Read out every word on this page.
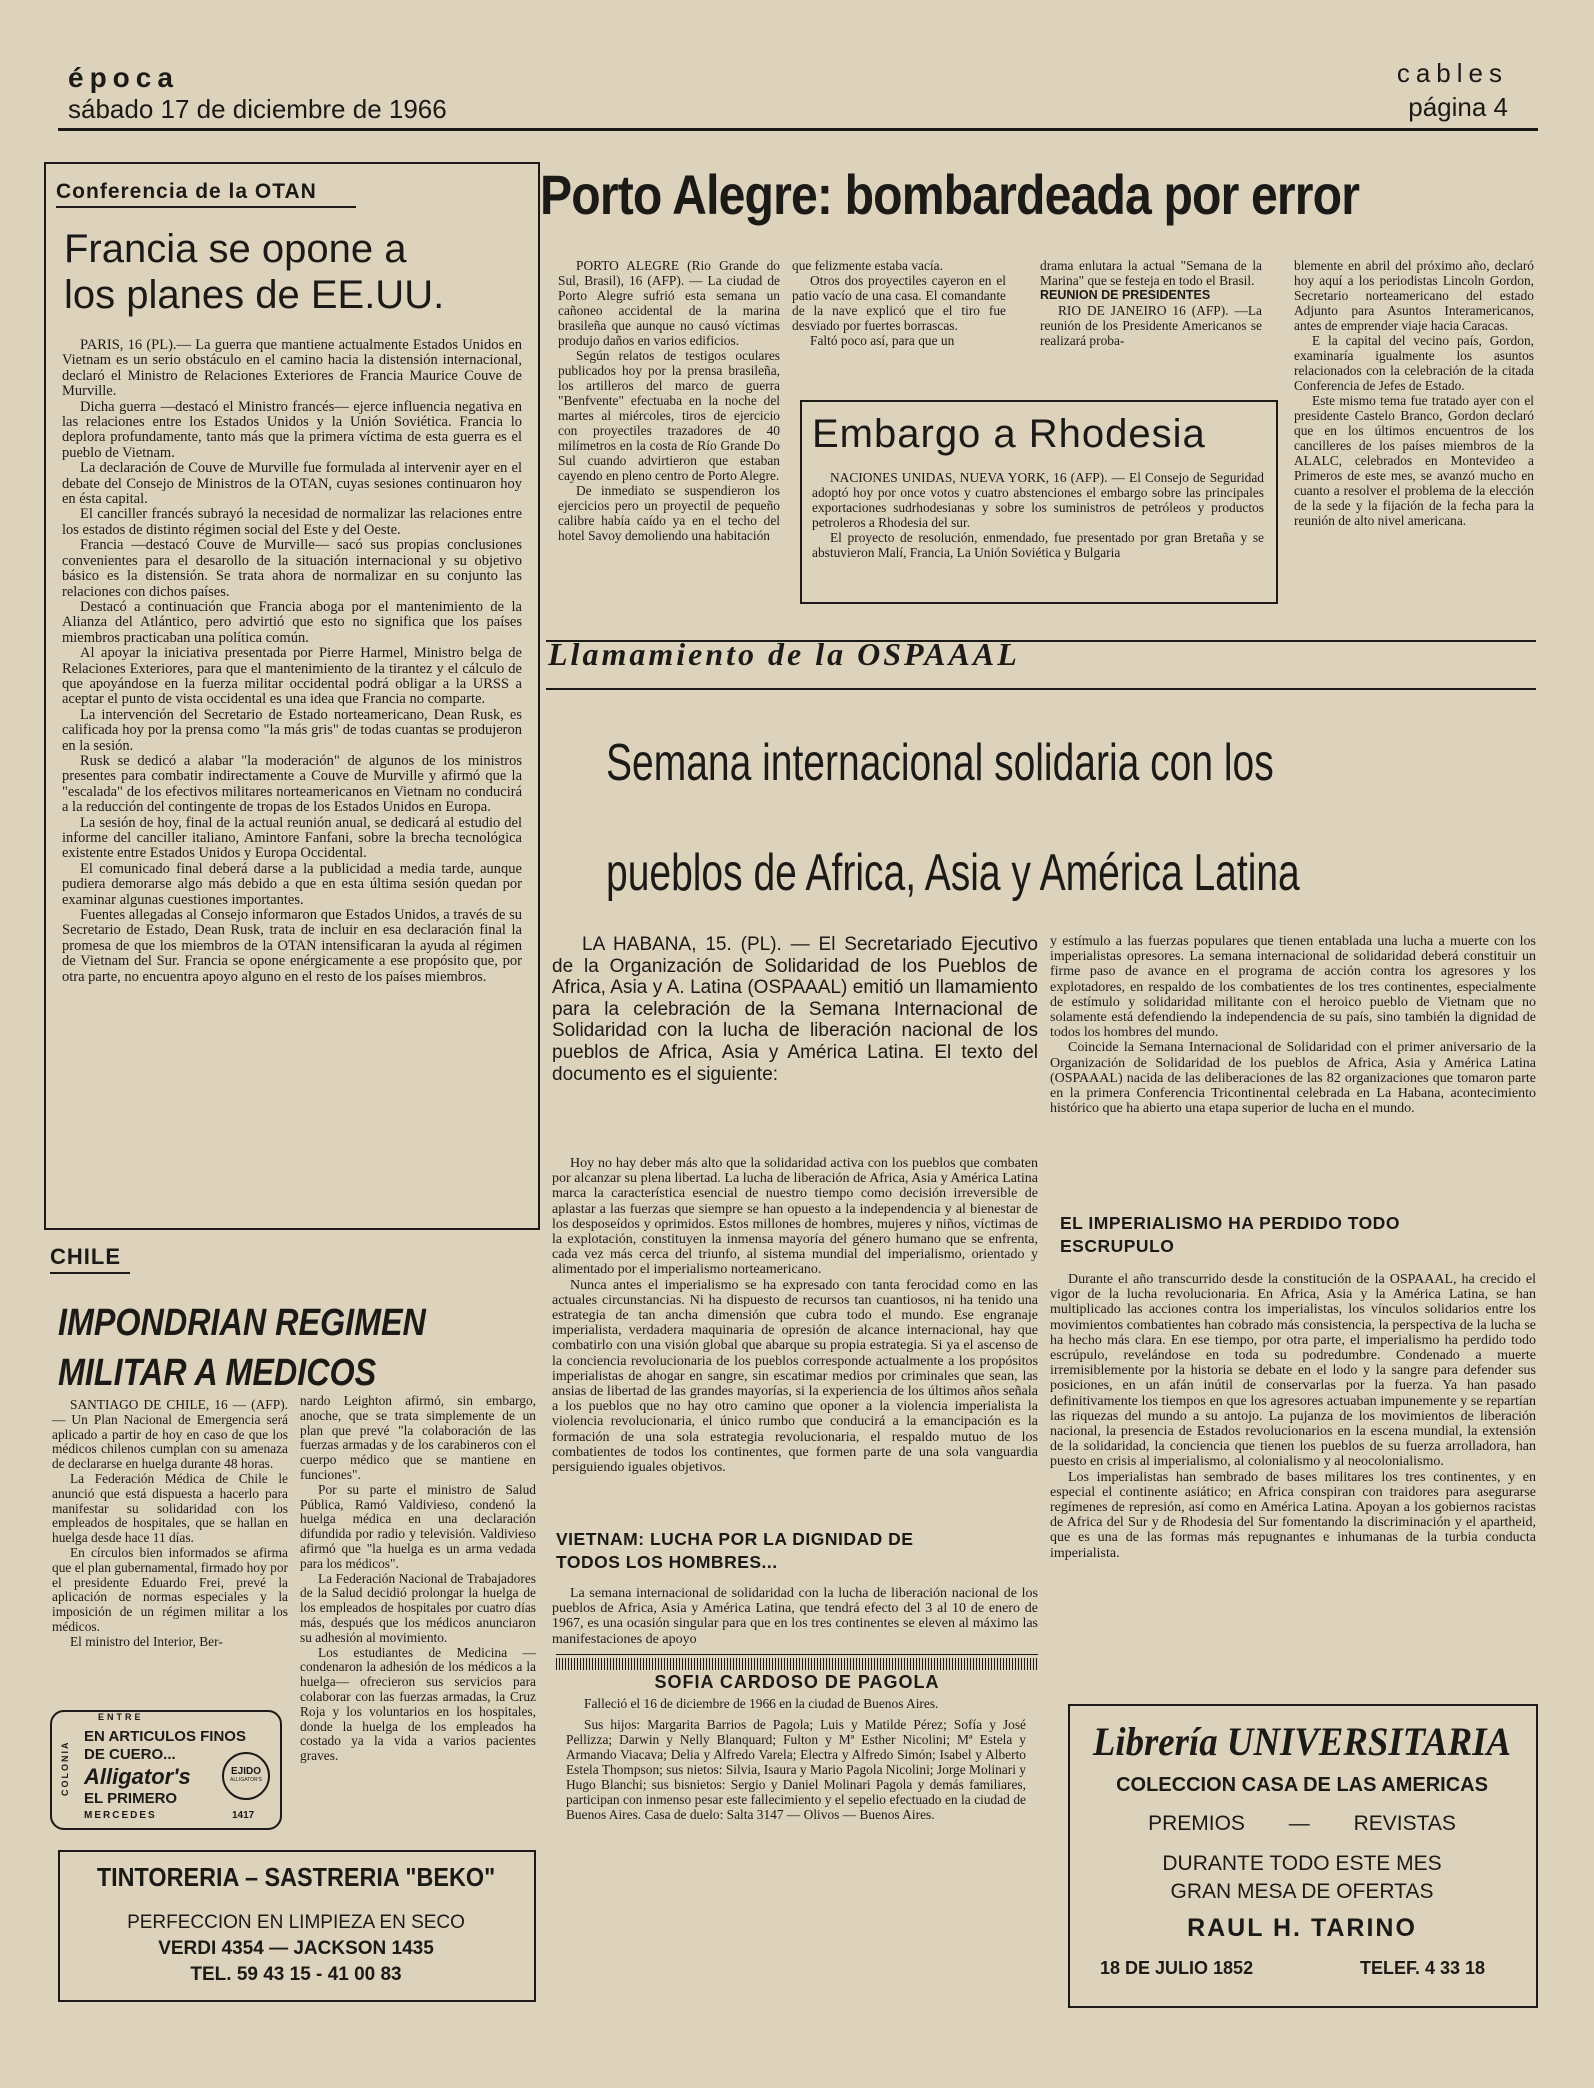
época
sábado 17 de diciembre de 1966
cables
página 4
Conferencia de la OTAN
Francia se opone a
los planes de EE.UU.

PARIS, 16 (PL).— La guerra que mantiene actualmente Estados Unidos en Vietnam es un serio obstáculo en el camino hacia la distensión internacional, declaró el Ministro de Relaciones Exteriores de Francia Maurice Couve de Murville.

Dicha guerra —destacó el Ministro francés— ejerce influencia negativa en las relaciones entre los Estados Unidos y la Unión Soviética. Francia lo deplora profundamente, tanto más que la primera víctima de esta guerra es el pueblo de Vietnam.

La declaración de Couve de Murville fue formulada al intervenir ayer en el debate del Consejo de Ministros de la OTAN, cuyas sesiones continuaron hoy en ésta capital.

El canciller francés subrayó la necesidad de normalizar las relaciones entre los estados de distinto régimen social del Este y del Oeste.

Francia —destacó Couve de Murville— sacó sus propias conclusiones convenientes para el desarollo de la situación internacional y su objetivo básico es la distensión. Se trata ahora de normalizar en su conjunto las relaciones con dichos países.

Destacó a continuación que Francia aboga por el mantenimiento de la Alianza del Atlántico, pero advirtió que esto no significa que los países miembros practicaban una política común.

Al apoyar la iniciativa presentada por Pierre Harmel, Ministro belga de Relaciones Exteriores, para que el mantenimiento de la tirantez y el cálculo de que apoyándose en la fuerza militar occidental podrá obligar a la URSS a aceptar el punto de vista occidental es una idea que Francia no comparte.

La intervención del Secretario de Estado norteamericano, Dean Rusk, es calificada hoy por la prensa como "la más gris" de todas cuantas se produjeron en la sesión.

Rusk se dedicó a alabar "la moderación" de algunos de los ministros presentes para combatir indirectamente a Couve de Murville y afirmó que la "escalada" de los efectivos militares norteamericanos en Vietnam no conducirá a la reducción del contingente de tropas de los Estados Unidos en Europa.

La sesión de hoy, final de la actual reunión anual, se dedicará al estudio del informe del canciller italiano, Amintore Fanfani, sobre la brecha tecnológica existente entre Estados Unidos y Europa Occidental.

El comunicado final deberá darse a la publicidad a media tarde, aunque pudiera demorarse algo más debido a que en esta última sesión quedan por examinar algunas cuestiones importantes.

Fuentes allegadas al Consejo informaron que Estados Unidos, a través de su Secretario de Estado, Dean Rusk, trata de incluir en esa declaración final la promesa de que los miembros de la OTAN intensificaran la ayuda al régimen de Vietnam del Sur. Francia se opone enérgicamente a ese propósito que, por otra parte, no encuentra apoyo alguno en el resto de los países miembros.

CHILE
IMPONDRIAN REGIMEN
MILITAR A MEDICOS

SANTIAGO DE CHILE, 16 — (AFP). — Un Plan Nacional de Emergencia será aplicado a partir de hoy en caso de que los médicos chilenos cumplan con su amenaza de declararse en huelga durante 48 horas.

La Federación Médica de Chile le anunció que está dispuesta a hacerlo para manifestar su solidaridad con los empleados de hospitales, que se hallan en huelga desde hace 11 días.

En círculos bien informados se afirma que el plan gubernamental, firmado hoy por el presidente Eduardo Frei, prevé la aplicación de normas especiales y la imposición de un régimen militar a los médicos.

El ministro del Interior, Ber-

nardo Leighton afirmó, sin embargo, anoche, que se trata simplemente de un plan que prevé "la colaboración de las fuerzas armadas y de los carabineros con el cuerpo médico que se mantiene en funciones".

Por su parte el ministro de Salud Pública, Ramó Valdivieso, condenó la huelga médica en una declaración difundida por radio y televisión. Valdivieso afirmó que "la huelga es un arma vedada para los médicos".

La Federación Nacional de Trabajadores de la Salud decidió prolongar la huelga de los empleados de hospitales por cuatro días más, después que los médicos anunciaron su adhesión al movimiento.

Los estudiantes de Medicina — condenaron la adhesión de los médicos a la huelga— ofrecieron sus servicios para colaborar con las fuerzas armadas, la Cruz Roja y los voluntarios en los hospitales, donde la huelga de los empleados ha costado ya la vida a varios pacientes graves.

COLONIA
ENTRE
EN ARTICULOS FINOS
DE CUERO...
Alligator's
EL PRIMERO
MERCEDES	1417
EJIDO
ALLIGATOR'S
TINTORERIA – SASTRERIA "BEKO"
PERFECCION EN LIMPIEZA EN SECO
VERDI 4354 — JACKSON 1435
TEL. 59 43 15 - 41 00 83
Porto Alegre: bombardeada por error

PORTO ALEGRE (Rio Grande do Sul, Brasil), 16 (AFP). — La ciudad de Porto Alegre sufrió esta semana un cañoneo accidental de la marina brasileña que aunque no causó víctimas produjo daños en varios edificios.

Según relatos de testigos oculares publicados hoy por la prensa brasileña, los artilleros del marco de guerra "Benfvente" efectuaba en la noche del martes al miércoles, tiros de ejercicio con proyectiles trazadores de 40 milímetros en la costa de Río Grande Do Sul cuando advirtieron que estaban cayendo en pleno centro de Porto Alegre.

De inmediato se suspendieron los ejercicios pero un proyectil de pequeño calibre había caído ya en el techo del hotel Savoy demoliendo una habitación

que felizmente estaba vacía.

Otros dos proyectiles cayeron en el patio vacío de una casa. El comandante de la nave explicó que el tiro fue desviado por fuertes borrascas.

Faltó poco así, para que un

drama enlutara la actual "Semana de la Marina" que se festeja en todo el Brasil.

REUNION DE PRESIDENTES

RIO DE JANEIRO 16 (AFP). —La reunión de los Presidente Americanos se realizará proba-

blemente en abril del próximo año, declaró hoy aquí a los periodistas Lincoln Gordon, Secretario norteamericano del estado Adjunto para Asuntos Interamericanos, antes de emprender viaje hacia Caracas.

E la capital del vecino país, Gordon, examinaría igualmente los asuntos relacionados con la celebración de la citada Conferencia de Jefes de Estado.

Este mismo tema fue tratado ayer con el presidente Castelo Branco, Gordon declaró que en los últimos encuentros de los cancilleres de los países miembros de la ALALC, celebrados en Montevideo a Primeros de este mes, se avanzó mucho en cuanto a resolver el problema de la elección de la sede y la fijación de la fecha para la reunión de alto nivel americana.

Embargo a Rhodesia

NACIONES UNIDAS, NUEVA YORK, 16 (AFP). — El Consejo de Seguridad adoptó hoy por once votos y cuatro abstenciones el embargo sobre las principales exportaciones sudrhodesianas y sobre los suministros de petróleos y productos petroleros a Rhodesia del sur.

El proyecto de resolución, enmendado, fue presentado por gran Bretaña y se abstuvieron Malí, Francia, La Unión Soviética y Bulgaria

Llamamiento de la OSPAAAL
Semana internacional solidaria con los
pueblos de Africa, Asia y América Latina
LA HABANA, 15. (PL). — El Secretariado Ejecutivo de la Organización de Solidaridad de los Pueblos de Africa, Asia y A. Latina (OSPAAAL) emitió un llamamiento para la celebración de la Semana Internacional de Solidaridad con la lucha de liberación nacional de los pueblos de Africa, Asia y América Latina. El texto del documento es el siguiente:

Hoy no hay deber más alto que la solidaridad activa con los pueblos que combaten por alcanzar su plena libertad. La lucha de liberación de Africa, Asia y América Latina marca la característica esencial de nuestro tiempo como decisión irreversible de aplastar a las fuerzas que siempre se han opuesto a la independencia y al bienestar de los desposeídos y oprimidos. Estos millones de hombres, mujeres y niños, víctimas de la explotación, constituyen la inmensa mayoría del género humano que se enfrenta, cada vez más cerca del triunfo, al sistema mundial del imperialismo, orientado y alimentado por el imperialismo norteamericano.

Nunca antes el imperialismo se ha expresado con tanta ferocidad como en las actuales circunstancias. Ni ha dispuesto de recursos tan cuantiosos, ni ha tenido una estrategia de tan ancha dimensión que cubra todo el mundo. Ese engranaje imperialista, verdadera maquinaria de opresión de alcance internacional, hay que combatirlo con una visión global que abarque su propia estrategia. Si ya el ascenso de la conciencia revolucionaria de los pueblos corresponde actualmente a los propósitos imperialistas de ahogar en sangre, sin escatimar medios por criminales que sean, las ansias de libertad de las grandes mayorías, si la experiencia de los últimos años señala a los pueblos que no hay otro camino que oponer a la violencia imperialista la violencia revolucionaria, el único rumbo que conducirá a la emancipación es la formación de una sola estrategia revolucionaria, el respaldo mutuo de los combatientes de todos los continentes, que formen parte de una sola vanguardia persiguiendo iguales objetivos.

VIETNAM: LUCHA POR LA DIGNIDAD DE TODOS LOS HOMBRES...

La semana internacional de solidaridad con la lucha de liberación nacional de los pueblos de Africa, Asia y América Latina, que tendrá efecto del 3 al 10 de enero de 1967, es una ocasión singular para que en los tres continentes se eleven al máximo las manifestaciones de apoyo

y estímulo a las fuerzas populares que tienen entablada una lucha a muerte con los imperialistas opresores. La semana internacional de solidaridad deberá constituir un firme paso de avance en el programa de acción contra los agresores y los explotadores, en respaldo de los combatientes de los tres continentes, especialmente de estímulo y solidaridad militante con el heroico pueblo de Vietnam que no solamente está defendiendo la independencia de su país, sino también la dignidad de todos los hombres del mundo.

Coincide la Semana Internacional de Solidaridad con el primer aniversario de la Organización de Solidaridad de los pueblos de Africa, Asia y América Latina (OSPAAAL) nacida de las deliberaciones de las 82 organizaciones que tomaron parte en la primera Conferencia Tricontinental celebrada en La Habana, acontecimiento histórico que ha abierto una etapa superior de lucha en el mundo.

EL IMPERIALISMO HA PERDIDO TODO ESCRUPULO

Durante el año transcurrido desde la constitución de la OSPAAAL, ha crecido el vigor de la lucha revolucionaria. En Africa, Asia y la América Latina, se han multiplicado las acciones contra los imperialistas, los vínculos solidarios entre los movimientos combatientes han cobrado más consistencia, la perspectiva de la lucha se ha hecho más clara. En ese tiempo, por otra parte, el imperialismo ha perdido todo escrúpulo, revelándose en toda su podredumbre. Condenado a muerte irremisiblemente por la historia se debate en el lodo y la sangre para defender sus posiciones, en un afán inútil de conservarlas por la fuerza. Ya han pasado definitivamente los tiempos en que los agresores actuaban impunemente y se repartían las riquezas del mundo a su antojo. La pujanza de los movimientos de liberación nacional, la presencia de Estados revolucionarios en la escena mundial, la extensión de la solidaridad, la conciencia que tienen los pueblos de su fuerza arrolladora, han puesto en crisis al imperialismo, al colonialismo y al neocolonialismo.

Los imperialistas han sembrado de bases militares los tres continentes, y en especial el continente asiático; en Africa conspiran con traidores para asegurarse regímenes de represión, así como en América Latina. Apoyan a los gobiernos racistas de Africa del Sur y de Rhodesia del Sur fomentando la discriminación y el apartheid, que es una de las formas más repugnantes e inhumanas de la turbia conducta imperialista.

SOFIA CARDOSO DE PAGOLA

Falleció el 16 de diciembre de 1966 en la ciudad de Buenos Aires.

Sus hijos: Margarita Barrios de Pagola; Luis y Matilde Pérez; Sofía y José Pellizza; Darwin y Nelly Blanquard; Fulton y Mª Esther Nicolini; Mª Estela y Armando Viacava; Delia y Alfredo Varela; Electra y Alfredo Simón; Isabel y Alberto Estela Thompson; sus nietos: Silvia, Isaura y Mario Pagola Nicolini; Jorge Molinari y Hugo Blanchi; sus bisnietos: Sergio y Daniel Molinari Pagola y demás familiares, participan con inmenso pesar este fallecimiento y el sepelio efectuado en la ciudad de Buenos Aires. Casa de duelo: Salta 3147 — Olivos — Buenos Aires.

Librería UNIVERSITARIA
COLECCION CASA DE LAS AMERICAS
PREMIOS — REVISTAS
DURANTE TODO ESTE MES
GRAN MESA DE OFERTAS
RAUL H. TARINO
18 DE JULIO 1852	TELEF. 4 33 18
